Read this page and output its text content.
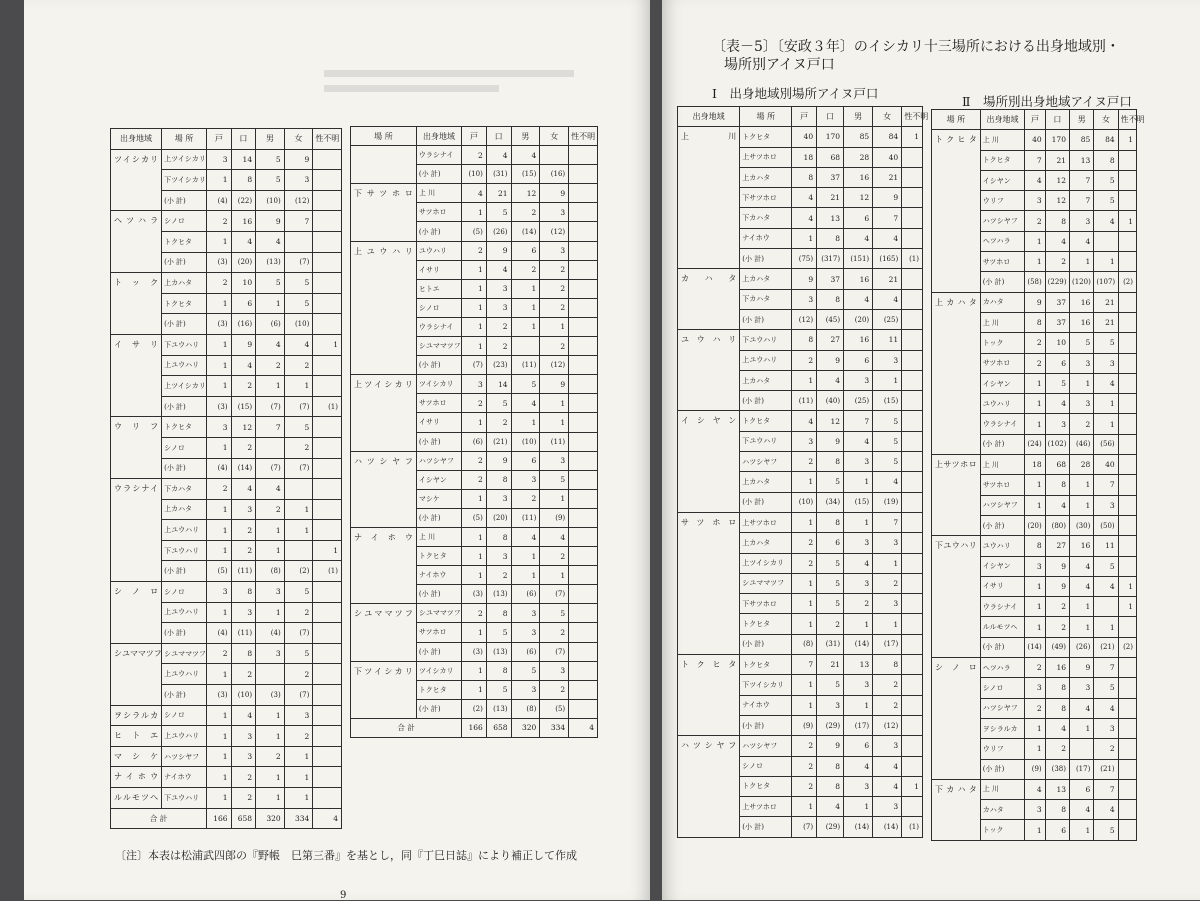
出身地域	場 所	戸	口	男	女	性不明
ツイシカリ	上ツイシカリ	3	14	5	9	
	下ツイシカリ	1	8	5	3	
	(小 計)	(4)	(22)	(10)	(12)	
ヘツハラ	シノロ	2	16	9	7	
	トクヒタ	1	4	4		
	(小 計)	(3)	(20)	(13)	(7)	
トック	上カハタ	2	10	5	5	
	トクヒタ	1	6	1	5	
	(小 計)	(3)	(16)	(6)	(10)	
イサリ	下ユウハリ	1	9	4	4	1
	上ユウハリ	1	4	2	2	
	上ツイシカリ	1	2	1	1	
	(小 計)	(3)	(15)	(7)	(7)	(1)
ウリフ	トクヒタ	3	12	7	5	
	シノロ	1	2		2	
	(小 計)	(4)	(14)	(7)	(7)	
ウラシナイ	下カハタ	2	4	4		
	上カハタ	1	3	2	1	
	上ユウハリ	1	2	1	1	
	下ユウハリ	1	2	1		1
	(小 計)	(5)	(11)	(8)	(2)	(1)
シノロ	シノロ	3	8	3	5	
	上ユウハリ	1	3	1	2	
	(小 計)	(4)	(11)	(4)	(7)	
シユママツフ	シユママツフ	2	8	3	5	
	上ユウハリ	1	2		2	
	(小 計)	(3)	(10)	(3)	(7)	
ヲシラルカ	シノロ	1	4	1	3	
ヒトエ	上ユウハリ	1	3	1	2	
マシケ	ハツシヤフ	1	3	2	1	
ナイホウ	ナイホウ	1	2	1	1	
ルルモツヘ	下ユウハリ	1	2	1	1	
合 計		166	658	320	334	4
場 所	出身地域	戸	口	男	女	性不明
	ウラシナイ	2	4	4		
	(小 計)	(10)	(31)	(15)	(16)	
下サツホロ	上 川	4	21	12	9	
	サツホロ	1	5	2	3	
	(小 計)	(5)	(26)	(14)	(12)	
上ユウハリ	ユウハリ	2	9	6	3	
	イサリ	1	4	2	2	
	ヒトエ	1	3	1	2	
	シノロ	1	3	1	2	
	ウラシナイ	1	2	1	1	
	シユママツフ	1	2		2	
	(小 計)	(7)	(23)	(11)	(12)	
上ツイシカリ	ツイシカリ	3	14	5	9	
	サツホロ	2	5	4	1	
	イサリ	1	2	1	1	
	(小 計)	(6)	(21)	(10)	(11)	
ハツシヤフ	ハツシヤフ	2	9	6	3	
	イシヤン	2	8	3	5	
	マシケ	1	3	2	1	
	(小 計)	(5)	(20)	(11)	(9)	
ナイホウ	上 川	1	8	4	4	
	トクヒタ	1	3	1	2	
	ナイホウ	1	2	1	1	
	(小 計)	(3)	(13)	(6)	(7)	
シユママツフ	シユママツフ	2	8	3	5	
	サツホロ	1	5	3	2	
	(小 計)	(3)	(13)	(6)	(7)	
下ツイシカリ	ツイシカリ	1	8	5	3	
	トクヒタ	1	5	3	2	
	(小 計)	(2)	(13)	(8)	(5)	
合 計		166	658	320	334	4
〔注〕本表は松浦武四郎の『野帳　巳第三番』を基とし，同『丁巳日誌』により補正して作成
9
〔表－5〕〔安政３年〕のイシカリ十三場所における出身地域別・
場所別アイヌ戸口
Ⅰ　出身地域別場所アイヌ戸口
Ⅱ　場所別出身地域アイヌ戸口
出身地域	場 所	戸	口	男	女	性不明
上 川	トクヒタ	40	170	85	84	1
	上サツホロ	18	68	28	40	
	上カハタ	8	37	16	21	
	下サツホロ	4	21	12	9	
	下カハタ	4	13	6	7	
	ナイホウ	1	8	4	4	
	(小 計)	(75)	(317)	(151)	(165)	(1)
カハタ	上カハタ	9	37	16	21	
	下カハタ	3	8	4	4	
	(小 計)	(12)	(45)	(20)	(25)	
ユウハリ	下ユウハリ	8	27	16	11	
	上ユウハリ	2	9	6	3	
	上カハタ	1	4	3	1	
	(小 計)	(11)	(40)	(25)	(15)	
イシヤン	トクヒタ	4	12	7	5	
	下ユウハリ	3	9	4	5	
	ハツシヤフ	2	8	3	5	
	上カハタ	1	5	1	4	
	(小 計)	(10)	(34)	(15)	(19)	
サツホロ	上サツホロ	1	8	1	7	
	上カハタ	2	6	3	3	
	上ツイシカリ	2	5	4	1	
	シユママツフ	1	5	3	2	
	下サツホロ	1	5	2	3	
	トクヒタ	1	2	1	1	
	(小 計)	(8)	(31)	(14)	(17)	
トクヒタ	トクヒタ	7	21	13	8	
	下ツイシカリ	1	5	3	2	
	ナイホウ	1	3	1	2	
	(小 計)	(9)	(29)	(17)	(12)	
ハツシヤフ	ハツシヤフ	2	9	6	3	
	シノロ	2	8	4	4	
	トクヒタ	2	8	3	4	1
	上サツホロ	1	4	1	3	
	(小 計)	(7)	(29)	(14)	(14)	(1)
場 所	出身地域	戸	口	男	女	性不明
トクヒタ	上 川	40	170	85	84	1
	トクヒタ	7	21	13	8	
	イシヤン	4	12	7	5	
	ウリフ	3	12	7	5	
	ハツシヤフ	2	8	3	4	1
	ヘツハラ	1	4	4		
	サツホロ	1	2	1	1	
	(小 計)	(58)	(229)	(120)	(107)	(2)
上カハタ	カハタ	9	37	16	21	
	上 川	8	37	16	21	
	トック	2	10	5	5	
	サツホロ	2	6	3	3	
	イシヤン	1	5	1	4	
	ユウハリ	1	4	3	1	
	ウラシナイ	1	3	2	1	
	(小 計)	(24)	(102)	(46)	(56)	
上サツホロ	上 川	18	68	28	40	
	サツホロ	1	8	1	7	
	ハツシヤフ	1	4	1	3	
	(小 計)	(20)	(80)	(30)	(50)	
下ユウハリ	ユウハリ	8	27	16	11	
	イシヤン	3	9	4	5	
	イサリ	1	9	4	4	1
	ウラシナイ	1	2	1		1
	ルルモツヘ	1	2	1	1	
	(小 計)	(14)	(49)	(26)	(21)	(2)
シノロ	ヘツハラ	2	16	9	7	
	シノロ	3	8	3	5	
	ハツシヤフ	2	8	4	4	
	ヲシラルカ	1	4	1	3	
	ウリフ	1	2		2	
	(小 計)	(9)	(38)	(17)	(21)	
下カハタ	上 川	4	13	6	7	
	カハタ	3	8	4	4	
	トック	1	6	1	5	
